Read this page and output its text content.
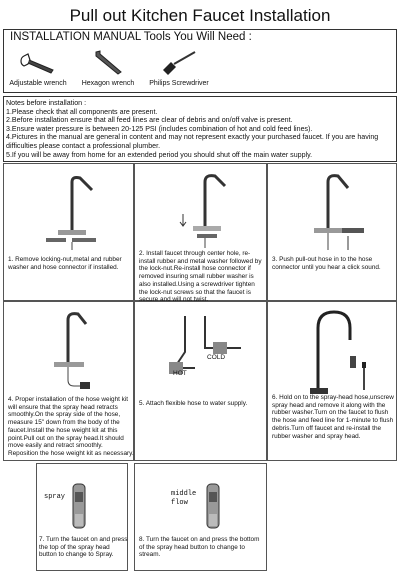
Pull out Kitchen Faucet Installation
INSTALLATION MANUAL Tools You Will Need :
Adjustable wrench	Hexagon wrench	Philips Screwdriver
Notes before installation :
1.Please check that all components are present.
2.Before installation ensure that all feed lines are clear of debris and on/off valve is present.
3.Ensure water pressure is between 20-125 PSI (includes combination of hot and cold feed lines).
4.Pictures in the manual are general in content and may not represent exactly your purchased faucet. If you are having difficulties please contact a professional plumber.
5.If you will be away from home for an extended period you should shut off the main water supply.
1. Remove locking-nut,metal and rubber washer and hose connector if installed.
2. Install faucet through center hole, re-install rubber and metal washer followed by the lock-nut.Re-install hose connector if removed insuring small rubber washer is also installed.Using a screwdriver tighten the lock-nut screws so that the faucet is secure and will not twist.
3. Push pull-out hose in to the hose connector until you hear a click sound.
4. Proper installation of the hose weight kit will ensure that the spray head retracts smoothly.On the spray side of the hose, measure 15" down from the body of the faucet.Install the hose weight kit at this point.Pull out on the spray head.It should move easily and retract smoothly. Reposition the hose weight kit as necessary.
COLD
HOT
5. Attach flexible hose to water supply.
6. Hold on to the spray-head hose,unscrew spray head and remove it along with the rubber washer.Turn on the faucet to flush the hose and feed line for 1-minute to flush debris.Turn off faucet and re-install the rubber washer and spray head.
spray
7. Turn the faucet on and press the top of the spray head button to change to Spray.
middle
flow
8. Turn the faucet on and press the bottom of the spray head button to change to stream.
